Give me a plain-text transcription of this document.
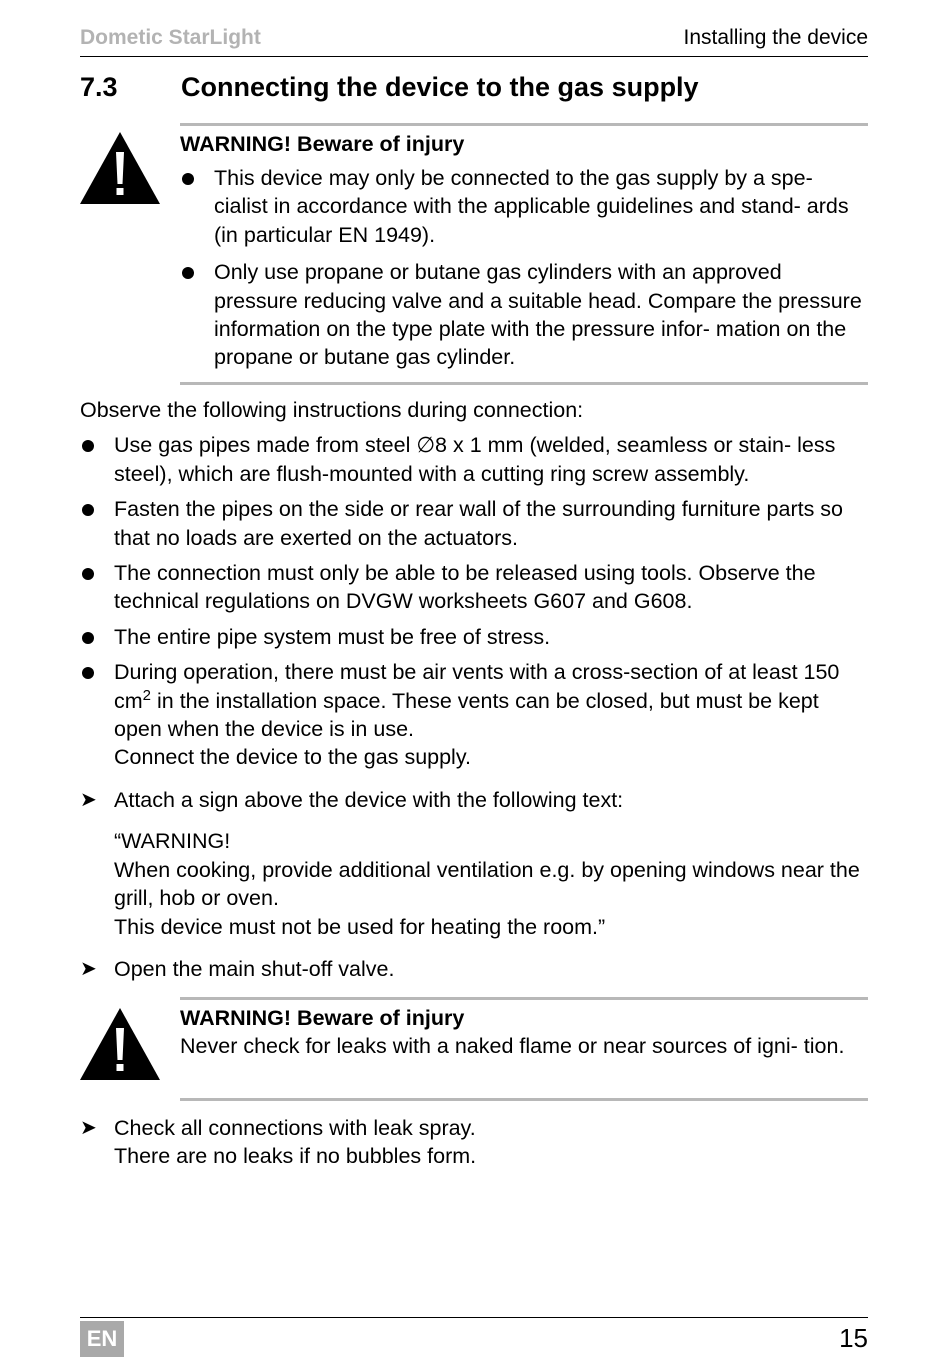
Dometic StarLight	Installing the device
7.3 Connecting the device to the gas supply
WARNING! Beware of injury
This device may only be connected to the gas supply by a spe- cialist in accordance with the applicable guidelines and stand- ards (in particular EN 1949).
Only use propane or butane gas cylinders with an approved pressure reducing valve and a suitable head. Compare the pressure information on the type plate with the pressure infor- mation on the propane or butane gas cylinder.

Observe the following instructions during connection:

Use gas pipes made from steel ∅8 x 1 mm (welded, seamless or stain- less steel), which are flush-mounted with a cutting ring screw assembly.
Fasten the pipes on the side or rear wall of the surrounding furniture parts so that no loads are exerted on the actuators.
The connection must only be able to be released using tools. Observe the technical regulations on DVGW worksheets G607 and G608.
The entire pipe system must be free of stress.
During operation, there must be air vents with a cross-section of at least 150 $cm^2$ in the installation space. These vents can be closed, but must be kept open when the device is in use.
Connect the device to the gas supply.
➤ Attach a sign above the device with the following text:
“WARNING!
When cooking, provide additional ventilation e.g. by opening windows near the grill, hob or oven.
This device must not be used for heating the room.”
➤ Open the main shut-off valve.
WARNING! Beware of injury
Never check for leaks with a naked flame or near sources of igni- tion.
➤ Check all connections with leak spray.
There are no leaks if no bubbles form.
EN	15
